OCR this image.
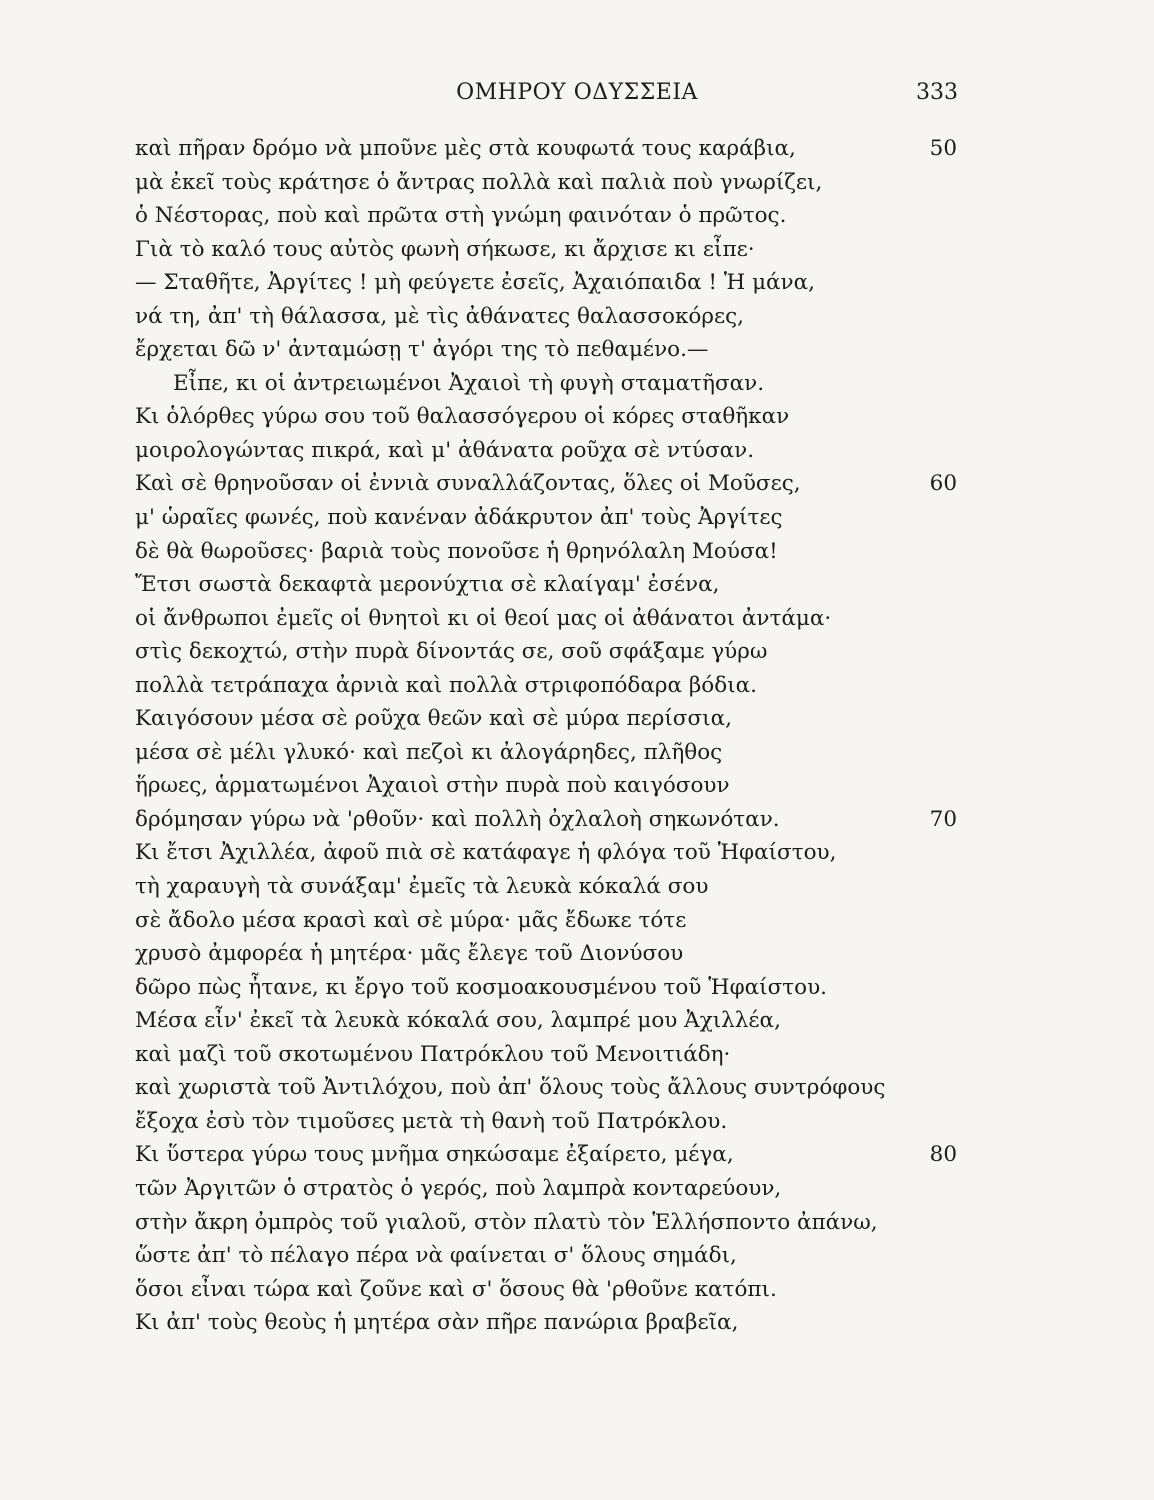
ΟΜΗΡΟΥ ΟΔΥΣΣΕΙΑ	333
καὶ πῆραν δρόμο νὰ μποῦνε μὲς στὰ κουφωτά τους καράβια,	50
μὰ ἐκεῖ τοὺς κράτησε ὁ ἄντρας πολλὰ καὶ παλιὰ ποὺ γνωρίζει,
ὁ Νέστορας, ποὺ καὶ πρῶτα στὴ γνώμη φαινόταν ὁ πρῶτος.
Γιὰ τὸ καλό τους αὐτὸς φωνὴ σήκωσε, κι ἄρχισε κι εἶπε·
— Σταθῆτε, Ἀργίτες ! μὴ φεύγετε ἐσεῖς, Ἀχαιόπαιδα ! Ἡ μάνα,
νά τη, ἀπ' τὴ θάλασσα, μὲ τὶς ἀθάνατες θαλασσοκόρες,
ἔρχεται δῶ ν' ἀνταμώσῃ τ' ἀγόρι της τὸ πεθαμένο.—
Εἶπε, κι οἱ ἀντρειωμένοι Ἀχαιοὶ τὴ φυγὴ σταματῆσαν.
Κι ὁλόρθες γύρω σου τοῦ θαλασσόγερου οἱ κόρες σταθῆκαν
μοιρολογώντας πικρά, καὶ μ' ἀθάνατα ροῦχα σὲ ντύσαν.
Καὶ σὲ θρηνοῦσαν οἱ ἐννιὰ συναλλάζοντας, ὅλες οἱ Μοῦσες,	60
μ' ὡραῖες φωνές, ποὺ κανέναν ἀδάκρυτον ἀπ' τοὺς Ἀργίτες
δὲ θὰ θωροῦσες· βαριὰ τοὺς πονοῦσε ἡ θρηνόλαλη Μούσα!
Ἔτσι σωστὰ δεκαφτὰ μερονύχτια σὲ κλαίγαμ' ἐσένα,
οἱ ἄνθρωποι ἐμεῖς οἱ θνητοὶ κι οἱ θεοί μας οἱ ἀθάνατοι ἀντάμα·
στὶς δεκοχτώ, στὴν πυρὰ δίνοντάς σε, σοῦ σφάξαμε γύρω
πολλὰ τετράπαχα ἀρνιὰ καὶ πολλὰ στριφοπόδαρα βόδια.
Καιγόσουν μέσα σὲ ροῦχα θεῶν καὶ σὲ μύρα περίσσια,
μέσα σὲ μέλι γλυκό· καὶ πεζοὶ κι ἀλογάρηδες, πλῆθος
ἥρωες, ἁρματωμένοι Ἀχαιοὶ στὴν πυρὰ ποὺ καιγόσουν
δρόμησαν γύρω νὰ 'ρθοῦν· καὶ πολλὴ ὀχλαλοὴ σηκωνόταν.	70
Κι ἔτσι Ἀχιλλέα, ἀφοῦ πιὰ σὲ κατάφαγε ἡ φλόγα τοῦ Ἡφαίστου,
τὴ χαραυγὴ τὰ συνάξαμ' ἐμεῖς τὰ λευκὰ κόκαλά σου
σὲ ἄδολο μέσα κρασὶ καὶ σὲ μύρα· μᾶς ἔδωκε τότε
χρυσὸ ἀμφορέα ἡ μητέρα· μᾶς ἔλεγε τοῦ Διονύσου
δῶρο πὼς ἦτανε, κι ἔργο τοῦ κοσμοακουσμένου τοῦ Ἡφαίστου.
Μέσα εἶν' ἐκεῖ τὰ λευκὰ κόκαλά σου, λαμπρέ μου Ἀχιλλέα,
καὶ μαζὶ τοῦ σκοτωμένου Πατρόκλου τοῦ Μενοιτιάδη·
καὶ χωριστὰ τοῦ Ἀντιλόχου, ποὺ ἀπ' ὅλους τοὺς ἄλλους συντρόφους
ἔξοχα ἐσὺ τὸν τιμοῦσες μετὰ τὴ θανὴ τοῦ Πατρόκλου.
Κι ὕστερα γύρω τους μνῆμα σηκώσαμε ἐξαίρετο, μέγα,	80
τῶν Ἀργιτῶν ὁ στρατὸς ὁ γερός, ποὺ λαμπρὰ κονταρεύουν,
στὴν ἄκρη ὀμπρὸς τοῦ γιαλοῦ, στὸν πλατὺ τὸν Ἑλλήσποντο ἀπάνω,
ὥστε ἀπ' τὸ πέλαγο πέρα νὰ φαίνεται σ' ὅλους σημάδι,
ὅσοι εἶναι τώρα καὶ ζοῦνε καὶ σ' ὅσους θὰ 'ρθοῦνε κατόπι.
Κι ἀπ' τοὺς θεοὺς ἡ μητέρα σὰν πῆρε πανώρια βραβεῖα,
